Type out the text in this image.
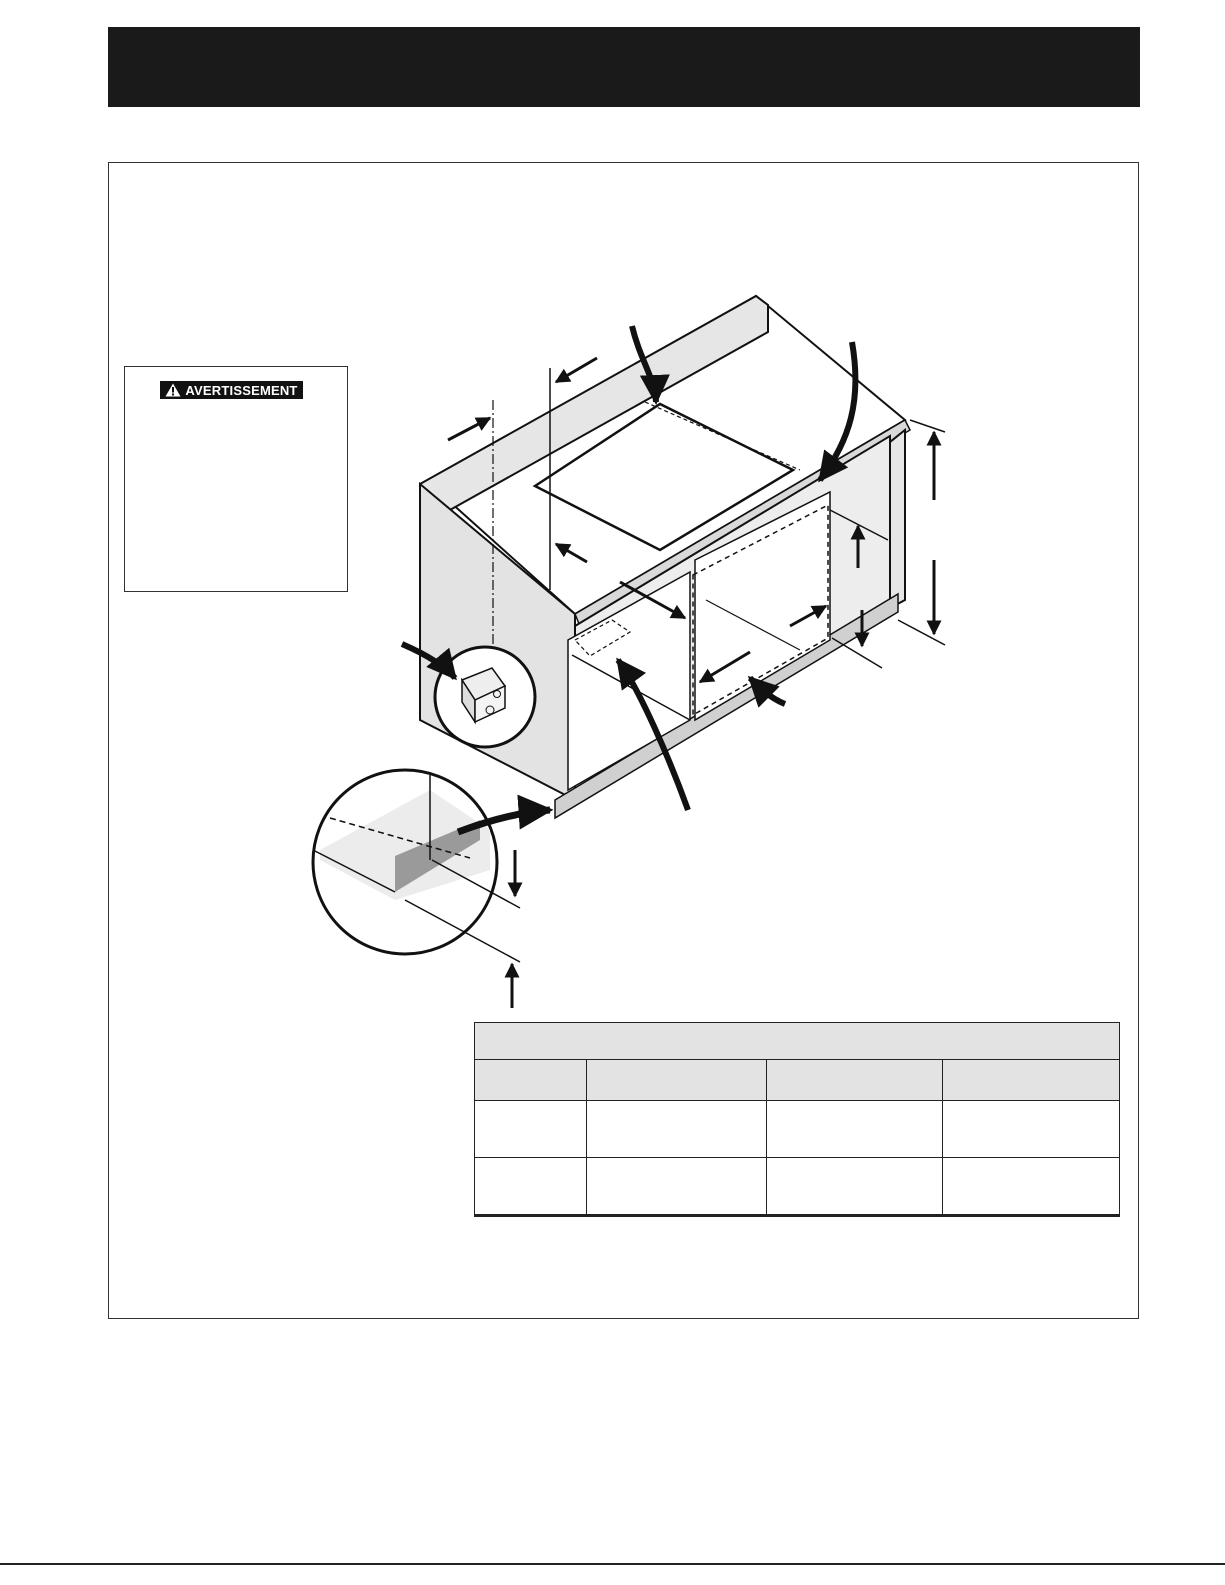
AVERTISSEMENT
